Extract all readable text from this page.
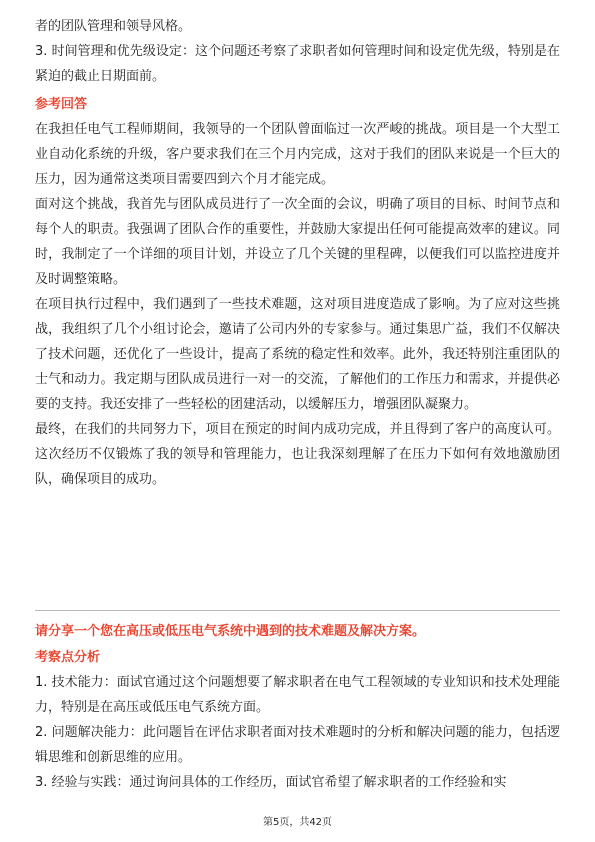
者的团队管理和领导风格。

3. 时间管理和优先级设定：这个问题还考察了求职者如何管理时间和设定优先级，特别是在紧迫的截止日期面前。

参考回答

在我担任电气工程师期间，我领导的一个团队曾面临过一次严峻的挑战。项目是一个大型工业自动化系统的升级，客户要求我们在三个月内完成，这对于我们的团队来说是一个巨大的压力，因为通常这类项目需要四到六个月才能完成。

面对这个挑战，我首先与团队成员进行了一次全面的会议，明确了项目的目标、时间节点和每个人的职责。我强调了团队合作的重要性，并鼓励大家提出任何可能提高效率的建议。同时，我制定了一个详细的项目计划，并设立了几个关键的里程碑，以便我们可以监控进度并及时调整策略。

在项目执行过程中，我们遇到了一些技术难题，这对项目进度造成了影响。为了应对这些挑战，我组织了几个小组讨论会，邀请了公司内外的专家参与。通过集思广益，我们不仅解决了技术问题，还优化了一些设计，提高了系统的稳定性和效率。此外，我还特别注重团队的士气和动力。我定期与团队成员进行一对一的交流，了解他们的工作压力和需求，并提供必要的支持。我还安排了一些轻松的团建活动，以缓解压力，增强团队凝聚力。

最终，在我们的共同努力下，项目在预定的时间内成功完成，并且得到了客户的高度认可。这次经历不仅锻炼了我的领导和管理能力，也让我深刻理解了在压力下如何有效地激励团队，确保项目的成功。

请分享一个您在高压或低压电气系统中遇到的技术难题及解决方案。

考察点分析

1. 技术能力：面试官通过这个问题想要了解求职者在电气工程领域的专业知识和技术处理能力，特别是在高压或低压电气系统方面。

2. 问题解决能力：此问题旨在评估求职者面对技术难题时的分析和解决问题的能力，包括逻辑思维和创新思维的应用。

3. 经验与实践：通过询问具体的工作经历，面试官希望了解求职者的工作经验和实

第5页，共42页
